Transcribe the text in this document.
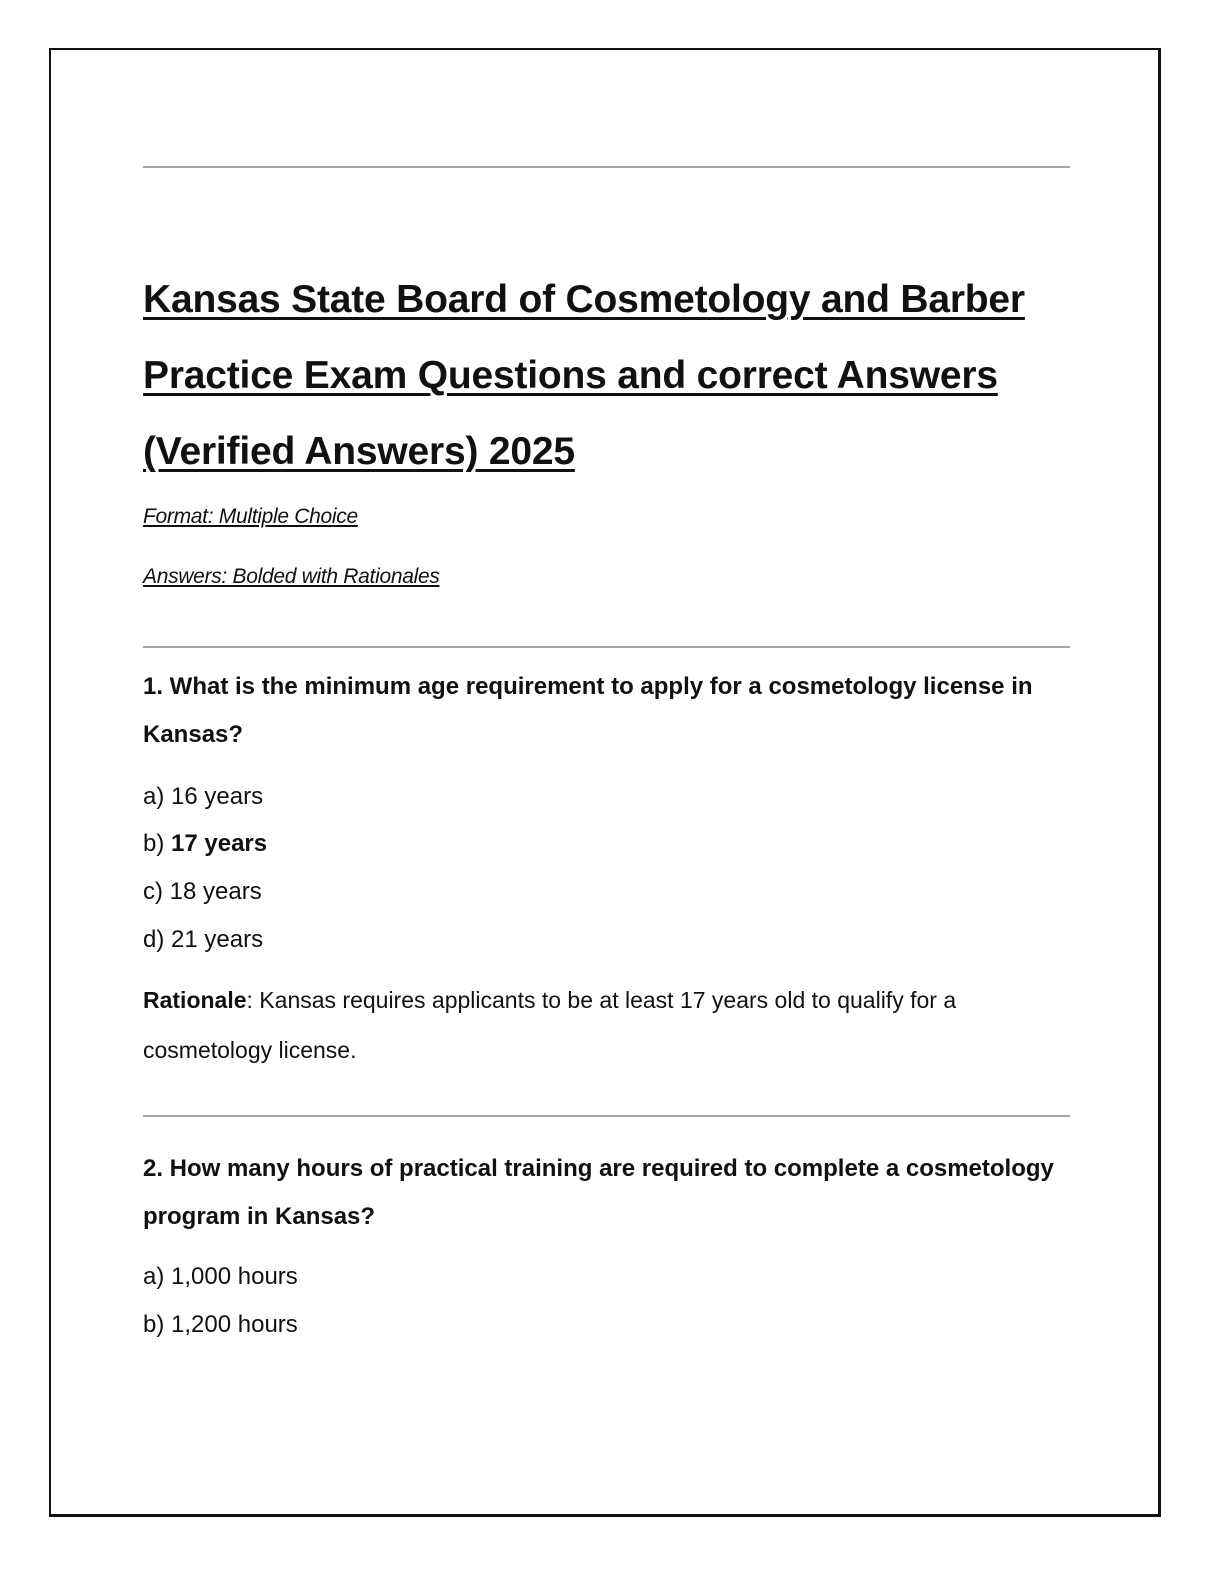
Kansas State Board of Cosmetology and Barber Practice Exam Questions and correct Answers (Verified Answers) 2025
Format: Multiple Choice
Answers: Bolded with Rationales

1. What is the minimum age requirement to apply for a cosmetology license in Kansas?

a) 16 years
b) 17 years
c) 18 years
d) 21 years

Rationale: Kansas requires applicants to be at least 17 years old to qualify for a cosmetology license.

2. How many hours of practical training are required to complete a cosmetology program in Kansas?

a) 1,000 hours
b) 1,200 hours
